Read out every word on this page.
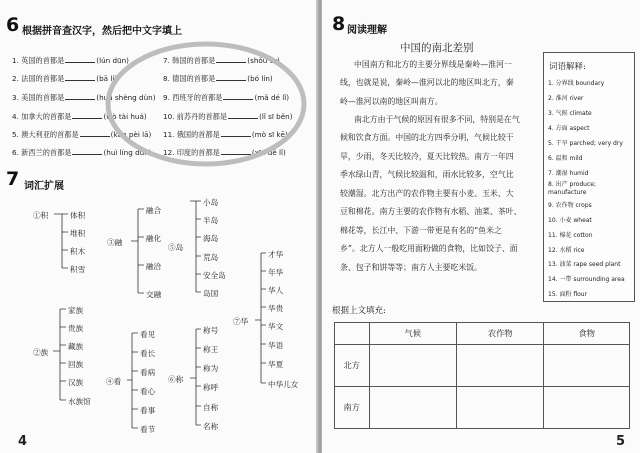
6 根据拼音查汉字，然后把中文字填上
1. 英国的首都是	(lún dūn)
2. 法国的首都是	(bā lí)
3. 美国的首都是	(huá shèng dùn)
4. 加拿大的首都是	(wò tài huá)
5. 澳大利亚的首都是	(kān pèi lā)
6. 新西兰的首都是	(huì líng dùn)
7. 韩国的首都是	(shǒu ěr)
8. 德国的首都是	(bó lín)
9. 西班牙的首都是	(mǎ dé lǐ)
10. 前苏丹的首都是	(lǐ sī běn)
11. 俄国的首都是	(mò sī kē)
12. 印度的首都是	(xīn dé lǐ)
7 词汇扩展
①积	体积
堆积
积木
积雪
③融
融合
融化
融洽
交融
⑤岛
小岛
半岛
海岛
荒岛
安全岛
岛国
②族
家族
贵族
藏族
回族
汉族
水族馆
④看
看见
看长
看病
看心
看事
看节
⑥称
称号
称王
称为
称呼
自称
名称
⑦华
才华
年华
华人
华贵
华文
华语
华夏
中华儿女
4
8 阅读理解
中国的南北差别
中国南方和北方的主要分界线是秦岭—淮河一
线，也就是说，秦岭—淮河以北的地区叫北方，秦
岭—淮河以南的地区叫南方。
南北方由于气候的原因有很多不同，特别是在气
候和饮食方面。中国的北方四季分明，气候比较干
旱，少雨，冬天比较冷，夏天比较热。南方一年四
季水绿山青，气候比较温和，雨水比较多，空气比
较潮湿。北方出产的农作物主要有小麦、玉米、大
豆和棉花。南方主要的农作物有水稻、油菜、茶叶、
棉花等，长江中、下游一带更是有名的“鱼米之
乡”。北方人一般吃用面粉做的食物，比如饺子、面
条、包子和饼等等；南方人主要吃米饭。
词语解释:
1. 分界线 boundary
2. 淮河 river
3. 气候 climate
4. 方面 aspect
5. 干旱 parched; very dry
6. 温和 mild
7. 潮湿 humid
8. 出产 produce; manufacture
9. 农作物 crops
10. 小麦 wheat
11. 棉花 cotton
12. 水稻 rice
13. 油菜 rape seed plant
14. 一带 surrounding area
15. 面粉 flour
根据上文填充:
	气候	农作物	食物
北方			
南方			
5
